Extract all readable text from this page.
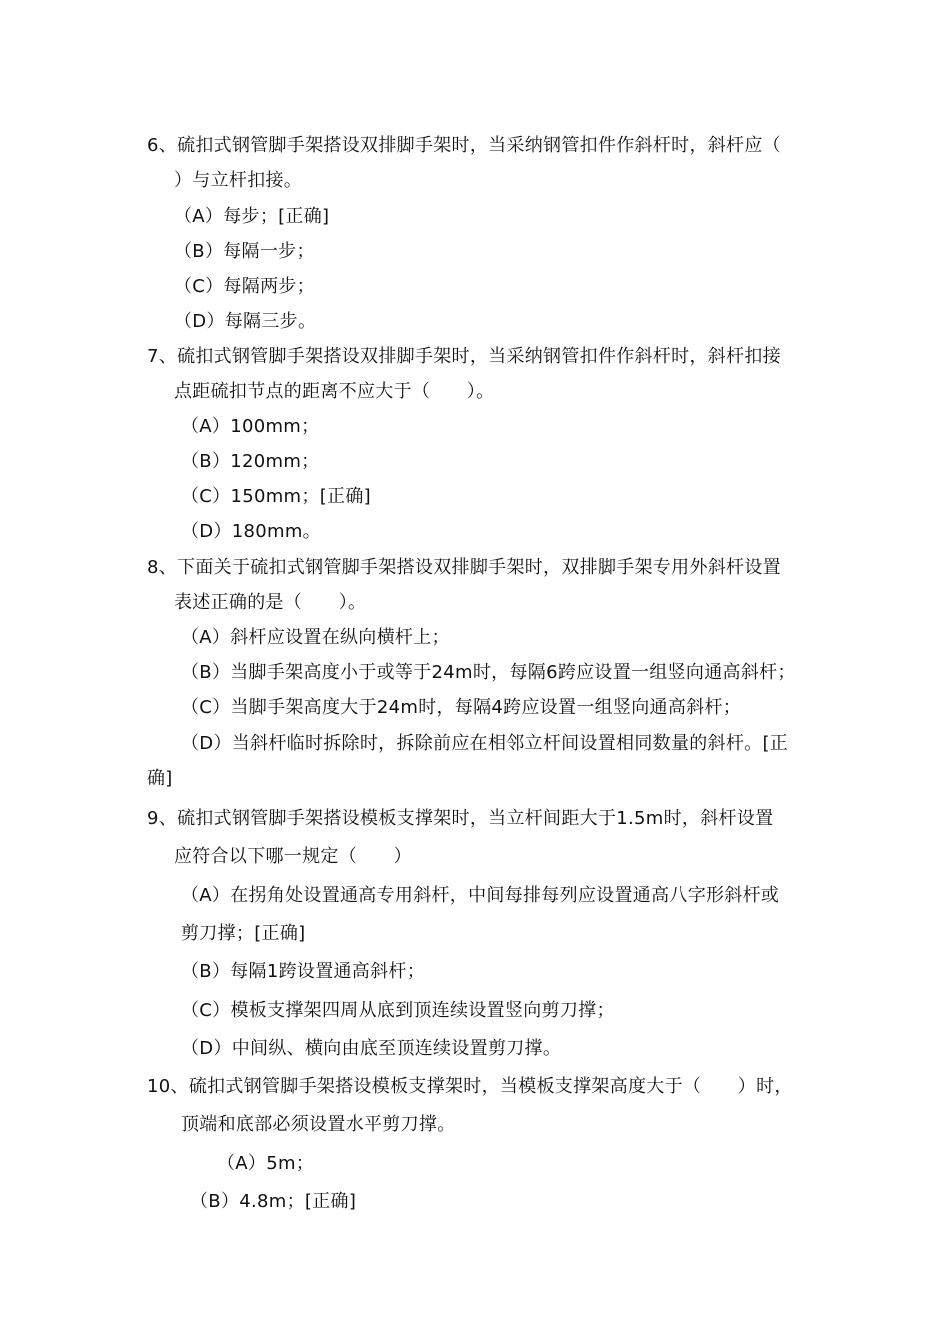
6、硫扣式钢管脚手架搭设双排脚手架时，当采纳钢管扣件作斜杆时，斜杆应（
）与立杆扣接。
（A）每步；[正确]
（B）每隔一步；
（C）每隔两步；
（D）每隔三步。
7、硫扣式钢管脚手架搭设双排脚手架时，当采纳钢管扣件作斜杆时，斜杆扣接
点距硫扣节点的距离不应大于（　　）。
（A）100mm；
（B）120mm；
（C）150mm；[正确]
（D）180mm。
8、下面关于硫扣式钢管脚手架搭设双排脚手架时，双排脚手架专用外斜杆设置
表述正确的是（　　）。
（A）斜杆应设置在纵向横杆上；
（B）当脚手架高度小于或等于24m时，每隔6跨应设置一组竖向通高斜杆；
（C）当脚手架高度大于24m时，每隔4跨应设置一组竖向通高斜杆；
（D）当斜杆临时拆除时，拆除前应在相邻立杆间设置相同数量的斜杆。[正
确]
9、硫扣式钢管脚手架搭设模板支撑架时，当立杆间距大于1.5m时，斜杆设置
应符合以下哪一规定（　　）
（A）在拐角处设置通高专用斜杆，中间每排每列应设置通高八字形斜杆或
剪刀撑；[正确]
（B）每隔1跨设置通高斜杆；
（C）模板支撑架四周从底到顶连续设置竖向剪刀撑；
（D）中间纵、横向由底至顶连续设置剪刀撑。
10、硫扣式钢管脚手架搭设模板支撑架时，当模板支撑架高度大于（　　）时，
顶端和底部必须设置水平剪刀撑。
（A）5m；
（B）4.8m；[正确]
